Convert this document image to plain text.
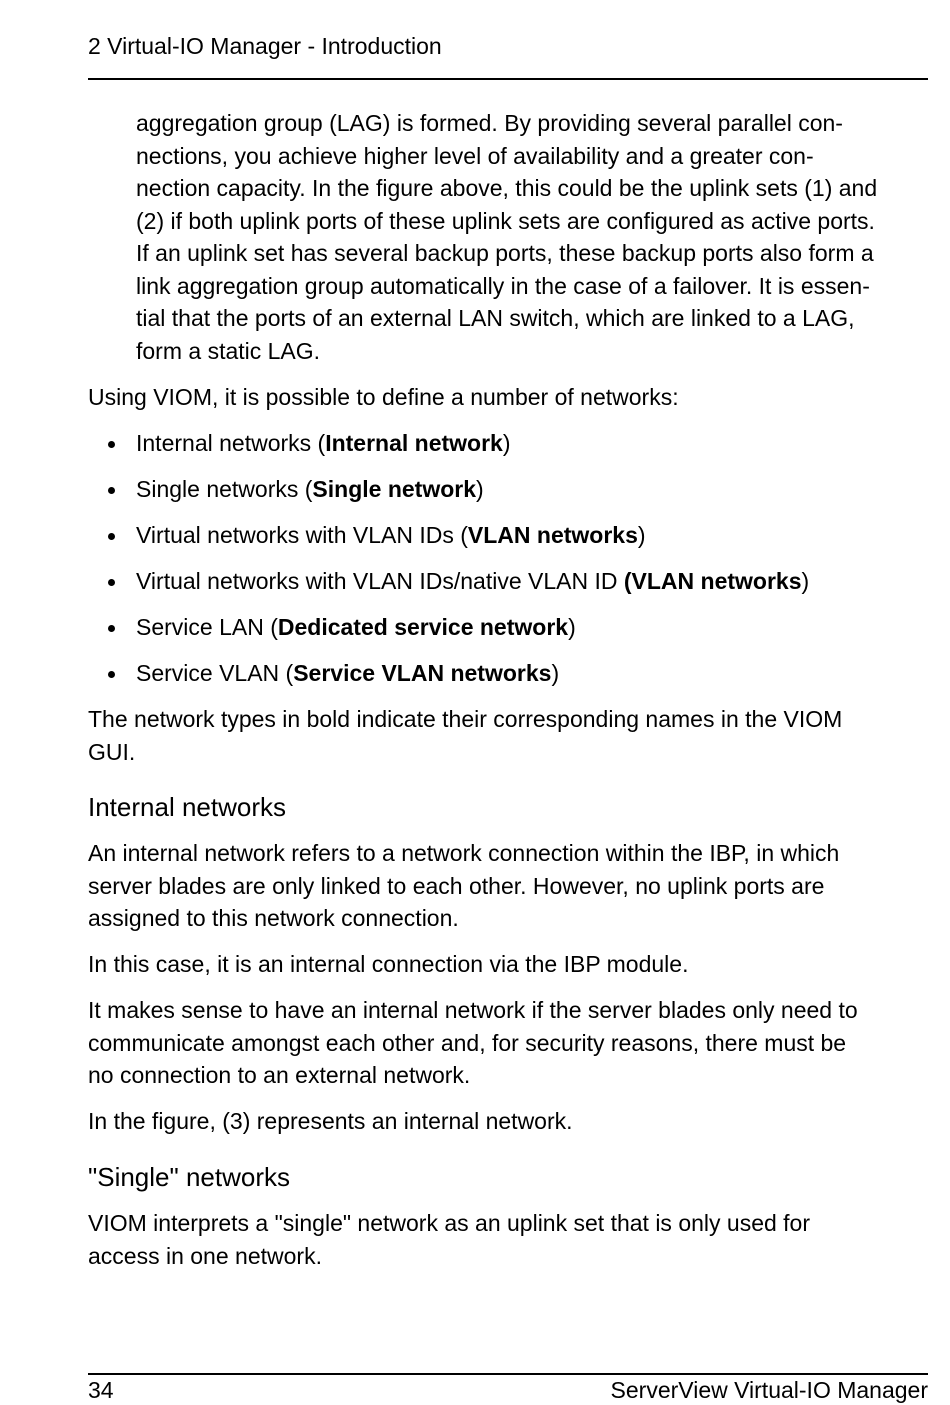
2 Virtual-IO Manager - Introduction
aggregation group (LAG) is formed. By providing several parallel con-
nections, you achieve higher level of availability and a greater con-
nection capacity. In the figure above, this could be the uplink sets (1) and
(2) if both uplink ports of these uplink sets are configured as active ports.
If an uplink set has several backup ports, these backup ports also form a
link aggregation group automatically in the case of a failover. It is essen-
tial that the ports of an external LAN switch, which are linked to a LAG,
form a static LAG.

Using VIOM, it is possible to define a number of networks:

Internal networks (Internal network)
Single networks (Single network)
Virtual networks with VLAN IDs (VLAN networks)
Virtual networks with VLAN IDs/native VLAN ID (VLAN networks)
Service LAN (Dedicated service network)
Service VLAN (Service VLAN networks)
The network types in bold indicate their corresponding names in the VIOM
GUI.
Internal networks
An internal network refers to a network connection within the IBP, in which
server blades are only linked to each other. However, no uplink ports are
assigned to this network connection.

In this case, it is an internal connection via the IBP module.

It makes sense to have an internal network if the server blades only need to
communicate amongst each other and, for security reasons, there must be
no connection to an external network.

In the figure, (3) represents an internal network.

"Single" networks
VIOM interprets a "single" network as an uplink set that is only used for
access in one network.
34	ServerView Virtual-IO Manager
